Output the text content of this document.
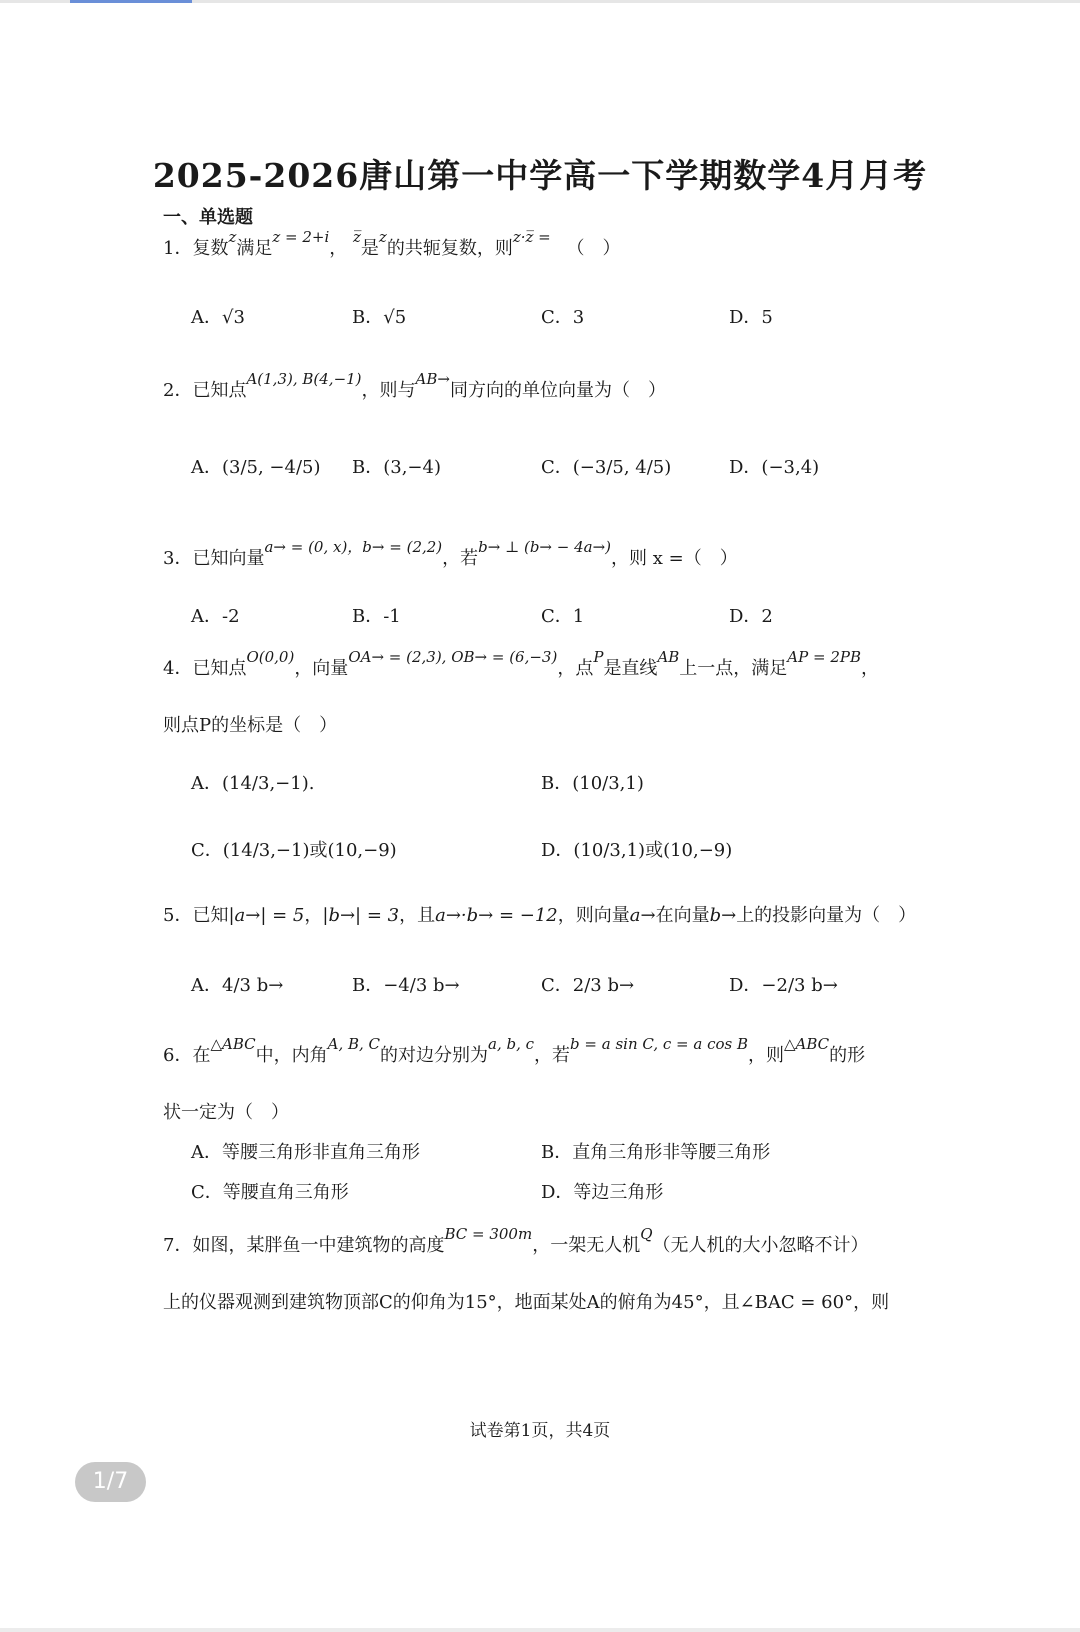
2025-2026唐山第一中学高一下学期数学4月月考
一、单选题
1．复数$^z$满足$^{z = 2+i}$， $^{z̅}$是$^z$的共轭复数，则$^{z\cdot z̅ =}$ （　）
A．√3	B．√5	C．3	D．5
2．已知点$^{A(1,3), B(4,-1)}$，则与$^{AB\to}$同方向的单位向量为（　）
A．(3/5, −4/5) B．(3,−4)	C．(−3/5, 4/5)	D．(−3,4)
3．已知向量$^{a\to = (0, x),b\to = (2,2)}$，若$^{b\to \perp (b\to - 4a\to)}$，则 x =（　）
A．-2	B．-1	C．1	D．2
4．已知点$^{O(0,0)}$，向量$^{OA\to = (2,3), OB\to = (6,-3)}$，点$^P$是直线$^{AB}$上一点，满足$^{AP = 2PB}$，
则点P的坐标是（　）
A．(14/3,−1).	B．(10/3,1)
C．(14/3,−1)或(10,−9)	D．(10/3,1)或(10,−9)
5．已知|a→| = 5，|b→| = 3，且a→·b→ = −12，则向量a→在向量b→上的投影向量为（　）
A．4/3 b→	B．−4/3 b→	C．2/3 b→	D．−2/3 b→
6．在$^{\triangle ABC}$中，内角$^{A, B, C}$的对边分别为$^{a, b, c}$，若$^{b = a sin C, c = a cos B}$，则$^{\triangle ABC}$的形
状一定为（　）
A．等腰三角形非直角三角形	B．直角三角形非等腰三角形
C．等腰直角三角形	D．等边三角形
7．如图，某胖鱼一中建筑物的高度$^{BC = 300m}$，一架无人机$^Q$（无人机的大小忽略不计）
上的仪器观测到建筑物顶部C的仰角为15°，地面某处A的俯角为45°，且∠BAC = 60°，则
试卷第1页，共4页
1/7
